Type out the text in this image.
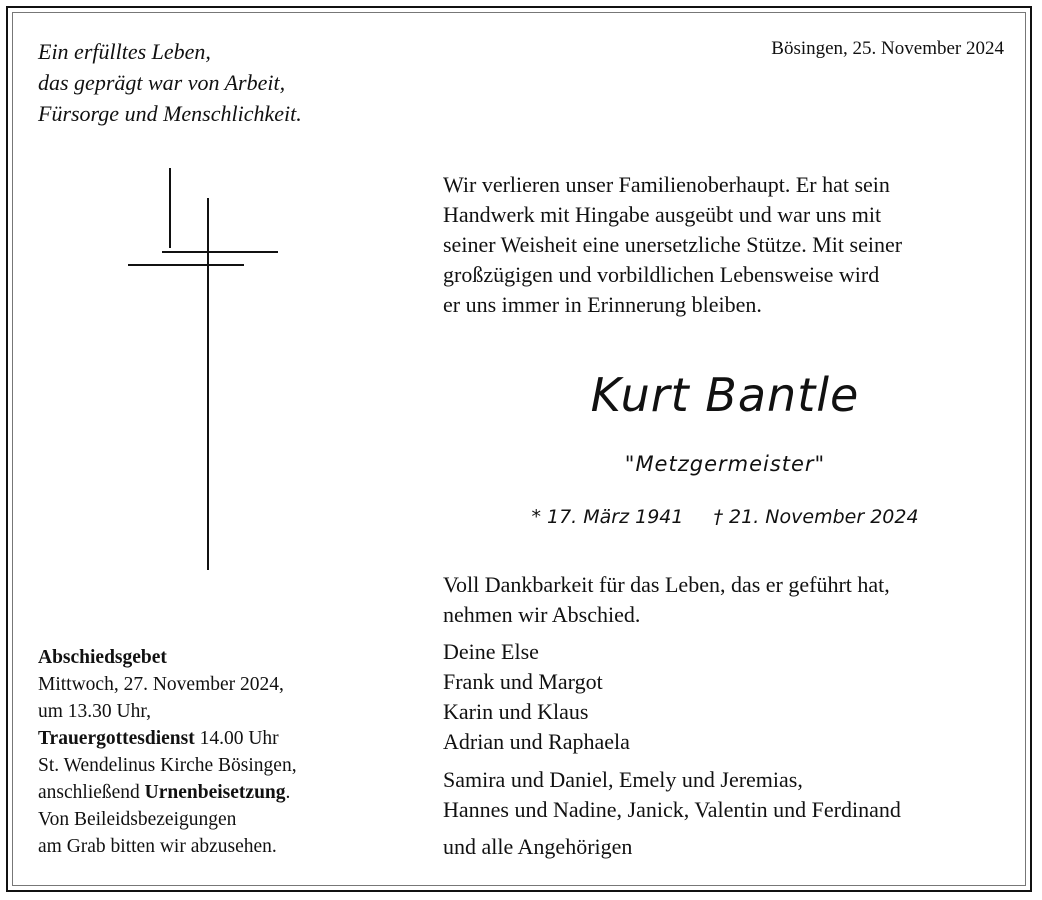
Ein erfülltes Leben,
das geprägt war von Arbeit,
Fürsorge und Menschlichkeit.
Bösingen, 25. November 2024
Wir verlieren unser Familienoberhaupt. Er hat sein
Handwerk mit Hingabe ausgeübt und war uns mit
seiner Weisheit eine unersetzliche Stütze. Mit seiner
großzügigen und vorbildlichen Lebensweise wird
er uns immer in Erinnerung bleiben.
Kurt Bantle
"Metzgermeister"
* 17. März 1941 † 21. November 2024
Voll Dankbarkeit für das Leben, das er geführt hat,
nehmen wir Abschied.
Deine Else
Frank und Margot
Karin und Klaus
Adrian und Raphaela
Samira und Daniel, Emely und Jeremias,
Hannes und Nadine, Janick, Valentin und Ferdinand
und alle Angehörigen
Abschiedsgebet
Mittwoch, 27. November 2024,
um 13.30 Uhr,
Trauergottesdienst 14.00 Uhr
St. Wendelinus Kirche Bösingen,
anschließend Urnenbeisetzung.
Von Beileidsbezeigungen
am Grab bitten wir abzusehen.
